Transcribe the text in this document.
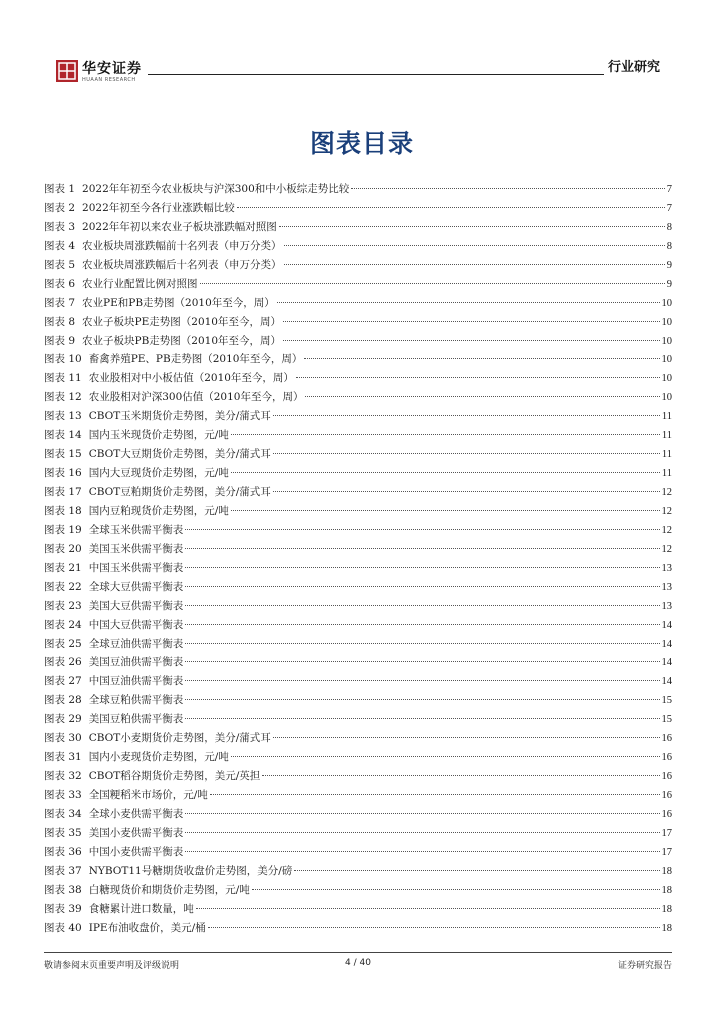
华安证券
HUAAN RESEARCH
行业研究
图表目录
图表 1 2022年年初至今农业板块与沪深300和中小板综走势比较	7
图表 2 2022年初至今各行业涨跌幅比较	7
图表 3 2022年年初以来农业子板块涨跌幅对照图	8
图表 4 农业板块周涨跌幅前十名列表（申万分类）	8
图表 5 农业板块周涨跌幅后十名列表（申万分类）	9
图表 6 农业行业配置比例对照图	9
图表 7 农业PE和PB走势图（2010年至今，周）	10
图表 8 农业子板块PE走势图（2010年至今，周）	10
图表 9 农业子板块PB走势图（2010年至今，周）	10
图表 10 畜禽养殖PE、PB走势图（2010年至今，周）	10
图表 11 农业股相对中小板估值（2010年至今，周）	10
图表 12 农业股相对沪深300估值（2010年至今，周）	10
图表 13 CBOT玉米期货价走势图，美分/蒲式耳	11
图表 14 国内玉米现货价走势图，元/吨	11
图表 15 CBOT大豆期货价走势图，美分/蒲式耳	11
图表 16 国内大豆现货价走势图，元/吨	11
图表 17 CBOT豆粕期货价走势图，美分/蒲式耳	12
图表 18 国内豆粕现货价走势图，元/吨	12
图表 19 全球玉米供需平衡表	12
图表 20 美国玉米供需平衡表	12
图表 21 中国玉米供需平衡表	13
图表 22 全球大豆供需平衡表	13
图表 23 美国大豆供需平衡表	13
图表 24 中国大豆供需平衡表	14
图表 25 全球豆油供需平衡表	14
图表 26 美国豆油供需平衡表	14
图表 27 中国豆油供需平衡表	14
图表 28 全球豆粕供需平衡表	15
图表 29 美国豆粕供需平衡表	15
图表 30 CBOT小麦期货价走势图，美分/蒲式耳	16
图表 31 国内小麦现货价走势图，元/吨	16
图表 32 CBOT稻谷期货价走势图，美元/英担	16
图表 33 全国粳稻米市场价，元/吨	16
图表 34 全球小麦供需平衡表	16
图表 35 美国小麦供需平衡表	17
图表 36 中国小麦供需平衡表	17
图表 37 NYBOT11号糖期货收盘价走势图，美分/磅	18
图表 38 白糖现货价和期货价走势图，元/吨	18
图表 39 食糖累计进口数量，吨	18
图表 40 IPE布油收盘价，美元/桶	18
敬请参阅末页重要声明及评级说明	4 / 40	证券研究报告
